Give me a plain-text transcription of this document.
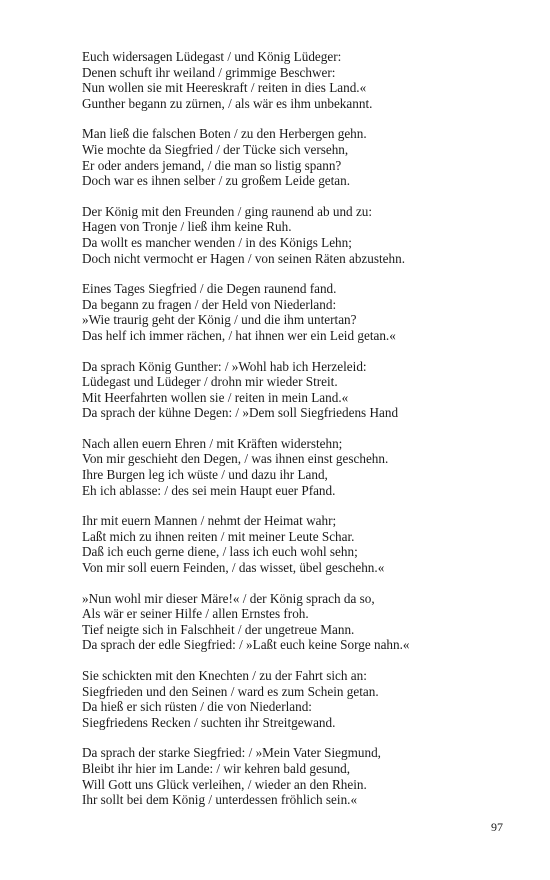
Euch widersagen Lüdegast / und König Lüdeger:
Denen schuft ihr weiland / grimmige Beschwer:
Nun wollen sie mit Heereskraft / reiten in dies Land.«
Gunther begann zu zürnen, / als wär es ihm unbekannt.
Man ließ die falschen Boten / zu den Herbergen gehn.
Wie mochte da Siegfried / der Tücke sich versehn,
Er oder anders jemand, / die man so listig spann?
Doch war es ihnen selber / zu großem Leide getan.
Der König mit den Freunden / ging raunend ab und zu:
Hagen von Tronje / ließ ihm keine Ruh.
Da wollt es mancher wenden / in des Königs Lehn;
Doch nicht vermocht er Hagen / von seinen Räten abzustehn.
Eines Tages Siegfried / die Degen raunend fand.
Da begann zu fragen / der Held von Niederland:
»Wie traurig geht der König / und die ihm untertan?
Das helf ich immer rächen, / hat ihnen wer ein Leid getan.«
Da sprach König Gunther: / »Wohl hab ich Herzeleid:
Lüdegast und Lüdeger / drohn mir wieder Streit.
Mit Heerfahrten wollen sie / reiten in mein Land.«
Da sprach der kühne Degen: / »Dem soll Siegfriedens Hand
Nach allen euern Ehren / mit Kräften widerstehn;
Von mir geschieht den Degen, / was ihnen einst geschehn.
Ihre Burgen leg ich wüste / und dazu ihr Land,
Eh ich ablasse: / des sei mein Haupt euer Pfand.
Ihr mit euern Mannen / nehmt der Heimat wahr;
Laßt mich zu ihnen reiten / mit meiner Leute Schar.
Daß ich euch gerne diene, / lass ich euch wohl sehn;
Von mir soll euern Feinden, / das wisset, übel geschehn.«
»Nun wohl mir dieser Märe!« / der König sprach da so,
Als wär er seiner Hilfe / allen Ernstes froh.
Tief neigte sich in Falschheit / der ungetreue Mann.
Da sprach der edle Siegfried: / »Laßt euch keine Sorge nahn.«
Sie schickten mit den Knechten / zu der Fahrt sich an:
Siegfrieden und den Seinen / ward es zum Schein getan.
Da hieß er sich rüsten / die von Niederland:
Siegfriedens Recken / suchten ihr Streitgewand.
Da sprach der starke Siegfried: / »Mein Vater Siegmund,
Bleibt ihr hier im Lande: / wir kehren bald gesund,
Will Gott uns Glück verleihen, / wieder an den Rhein.
Ihr sollt bei dem König / unterdessen fröhlich sein.«
97
